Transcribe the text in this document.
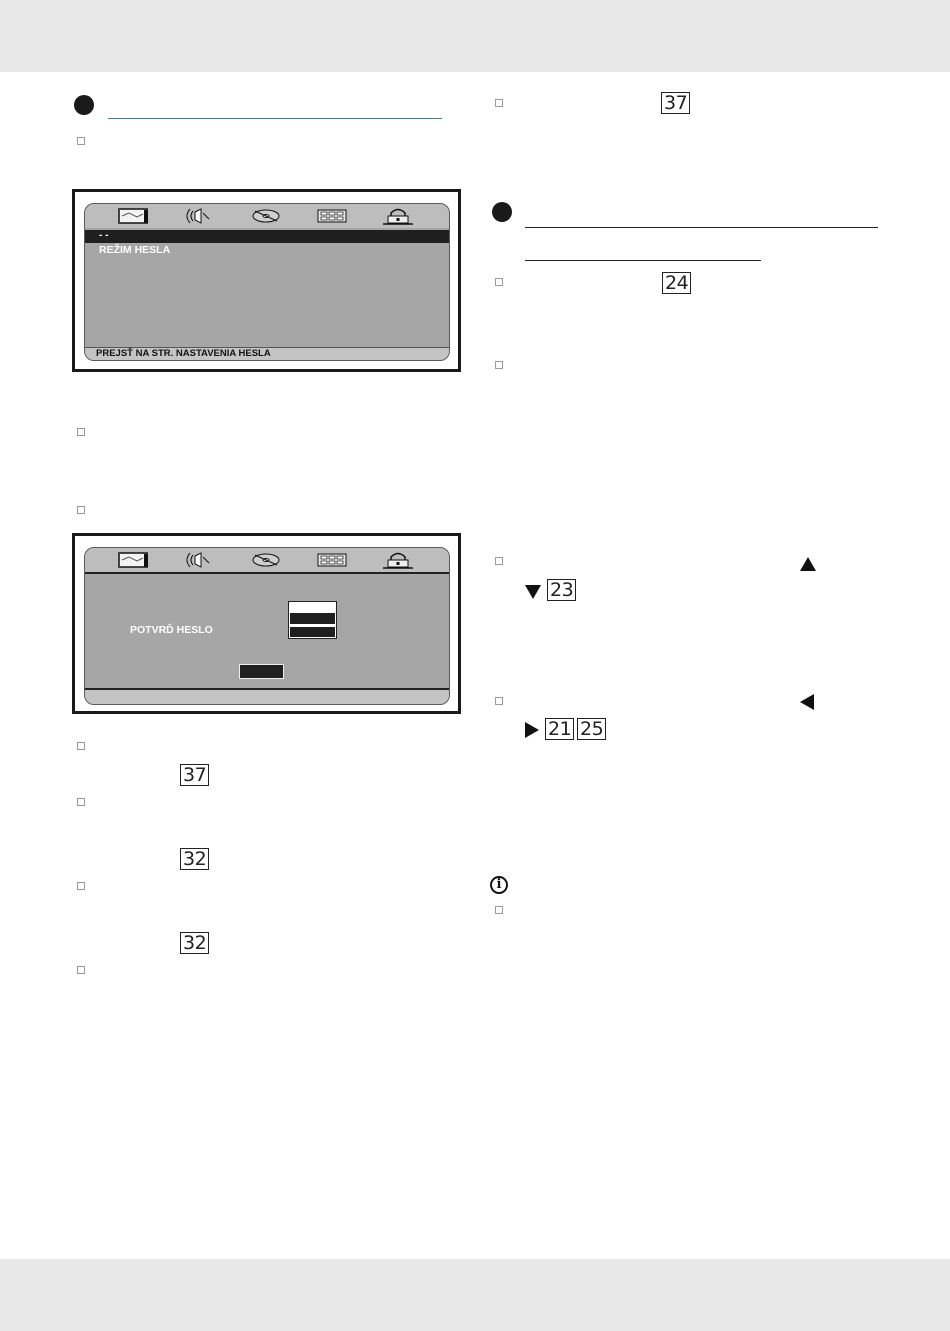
- -
REŽIM HESLA
PREJSŤ NA STR. NASTAVENIA HESLA
POTVRĎ HESLO
37
32
32
37
24
23
21 25
i
